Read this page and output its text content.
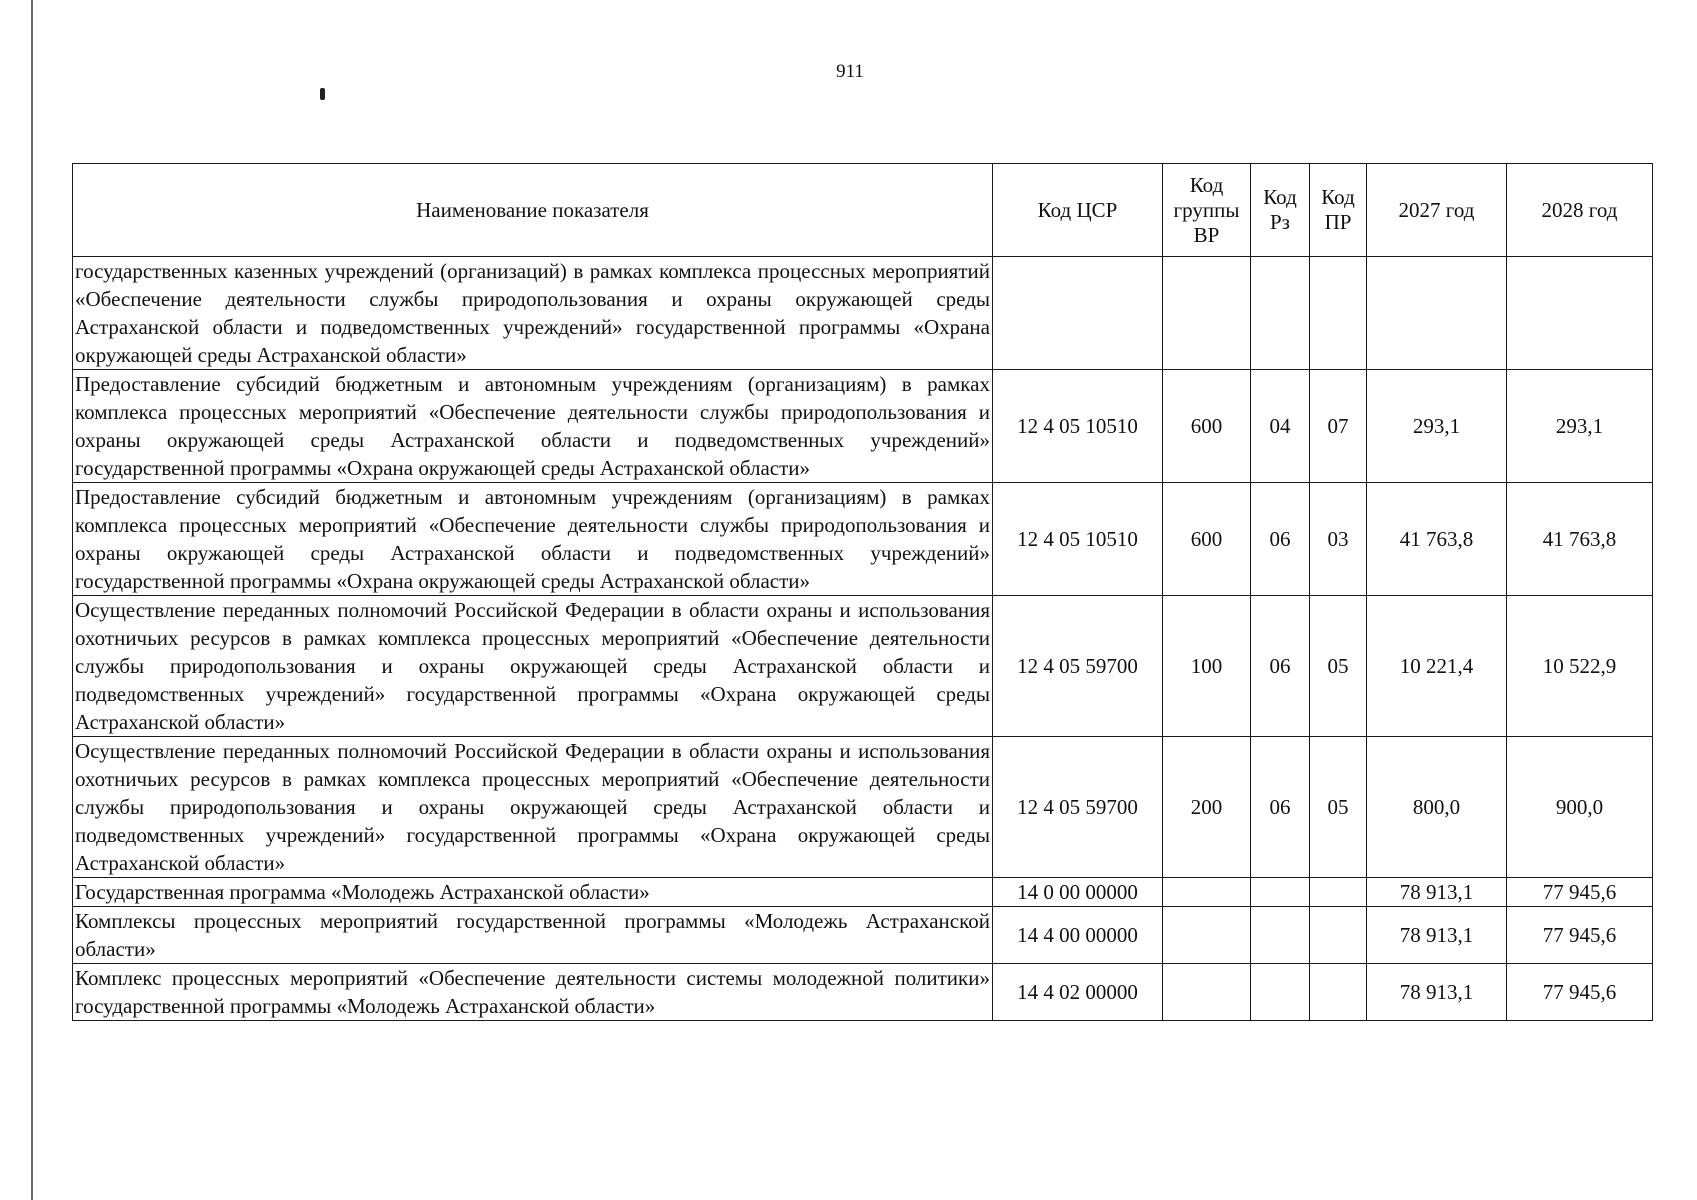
911
Наименование показателя	Код ЦСР	Код группы ВР	Код Рз	Код ПР	2027 год	2028 год
государственных казенных учреждений (организаций) в рамках комплекса процессных мероприятий «Обеспечение деятельности службы природопользования и охраны окружающей среды Астраханской области и подведомственных учреждений» государственной программы «Охрана окружающей среды Астраханской области»						
Предоставление субсидий бюджетным и автономным учреждениям (организациям) в рамках комплекса процессных мероприятий «Обеспечение деятельности службы природопользования и охраны окружающей среды Астраханской области и подведомственных учреждений» государственной программы «Охрана окружающей среды Астраханской области»	12 4 05 10510	600	04	07	293,1	293,1
Предоставление субсидий бюджетным и автономным учреждениям (организациям) в рамках комплекса процессных мероприятий «Обеспечение деятельности службы природопользования и охраны окружающей среды Астраханской области и подведомственных учреждений» государственной программы «Охрана окружающей среды Астраханской области»	12 4 05 10510	600	06	03	41 763,8	41 763,8
Осуществление переданных полномочий Российской Федерации в области охраны и использования охотничьих ресурсов в рамках комплекса процессных мероприятий «Обеспечение деятельности службы природопользования и охраны окружающей среды Астраханской области и подведомственных учреждений» государственной программы «Охрана окружающей среды Астраханской области»	12 4 05 59700	100	06	05	10 221,4	10 522,9
Осуществление переданных полномочий Российской Федерации в области охраны и использования охотничьих ресурсов в рамках комплекса процессных мероприятий «Обеспечение деятельности службы природопользования и охраны окружающей среды Астраханской области и подведомственных учреждений» государственной программы «Охрана окружающей среды Астраханской области»	12 4 05 59700	200	06	05	800,0	900,0
Государственная программа «Молодежь Астраханской области»	14 0 00 00000				78 913,1	77 945,6
Комплексы процессных мероприятий государственной программы «Молодежь Астраханской области»	14 4 00 00000				78 913,1	77 945,6
Комплекс процессных мероприятий «Обеспечение деятельности системы молодежной политики» государственной программы «Молодежь Астраханской области»	14 4 02 00000				78 913,1	77 945,6
